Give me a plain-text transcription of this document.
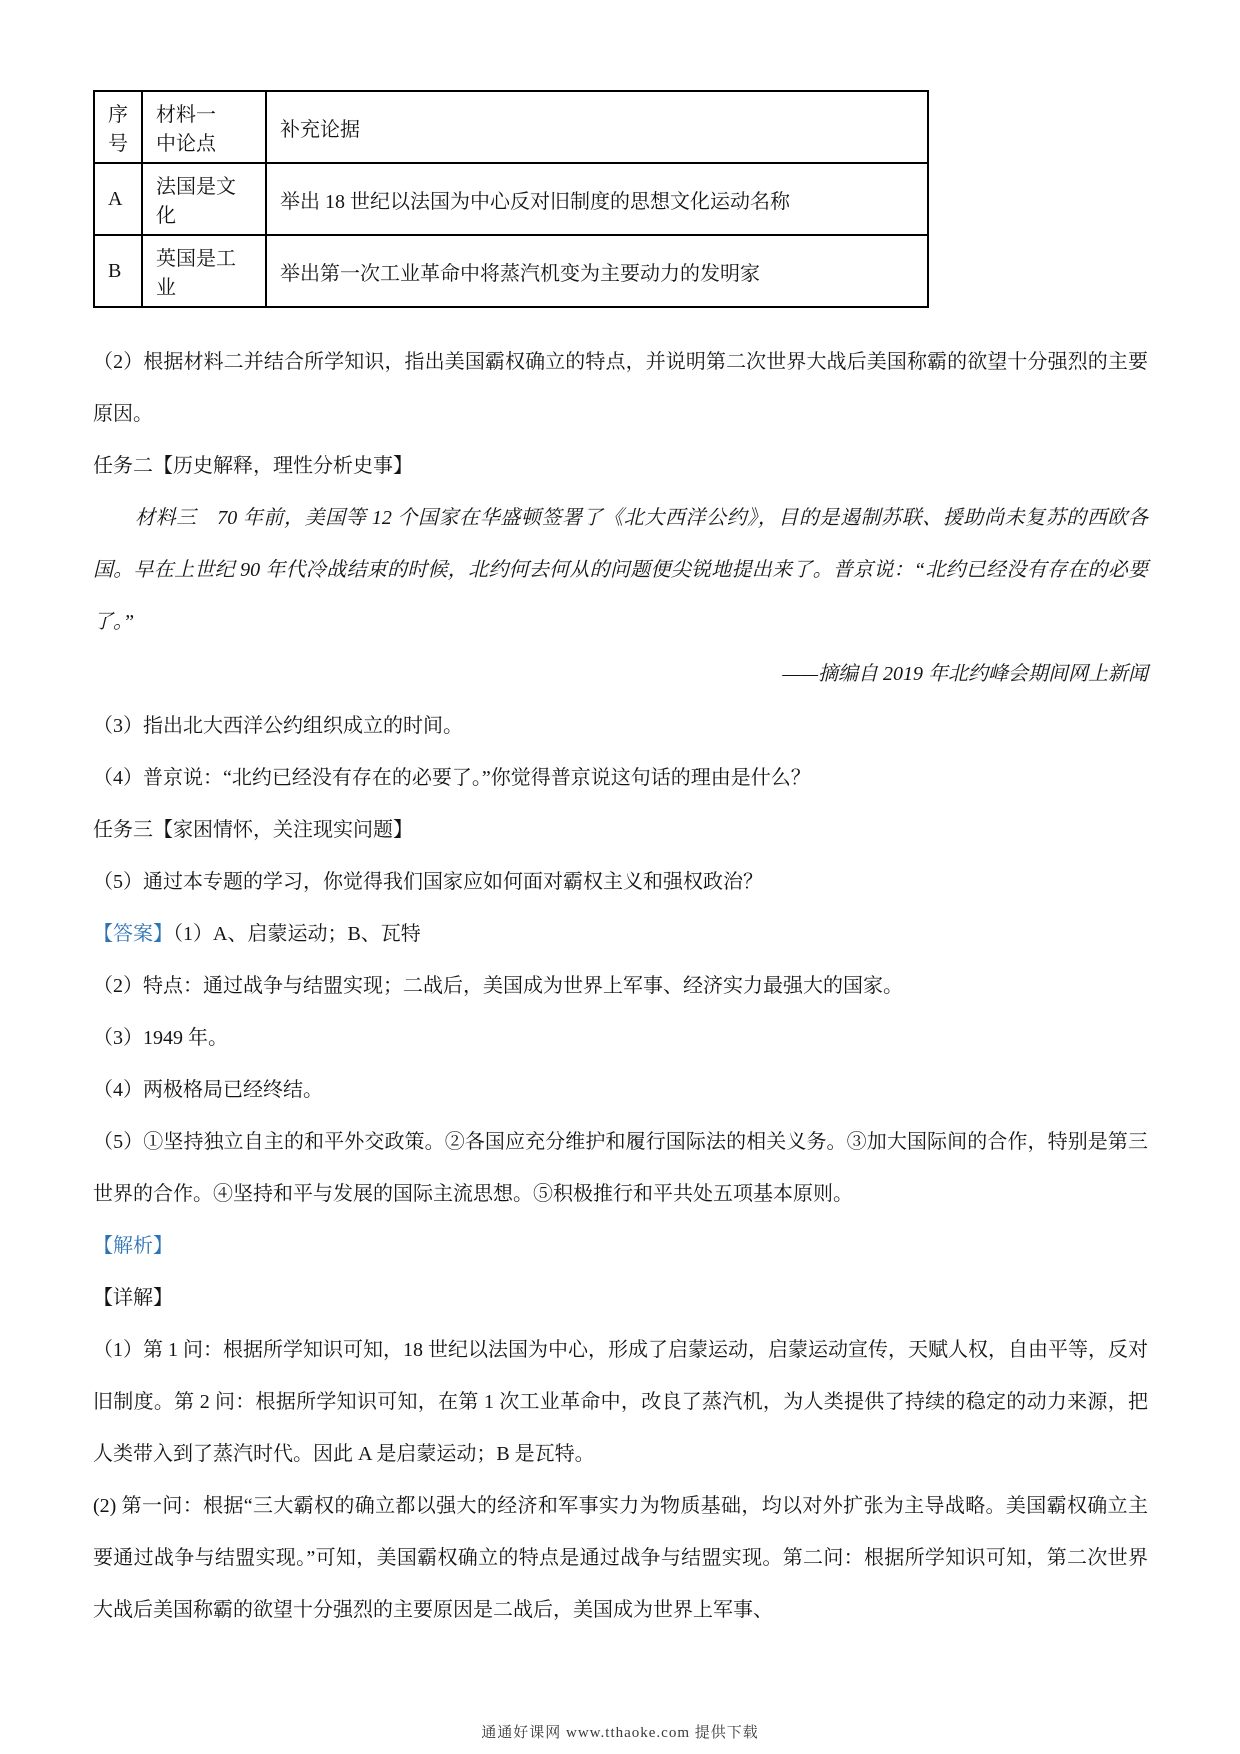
序号	材料一　中论点	补充论据
A	法国是文化	举出 18 世纪以法国为中心反对旧制度的思想文化运动名称
B	英国是工业	举出第一次工业革命中将蒸汽机变为主要动力的发明家

（2）根据材料二并结合所学知识，指出美国霸权确立的特点，并说明第二次世界大战后美国称霸的欲望十分强烈的主要原因。

任务二【历史解释，理性分析史事】

材料三　70 年前，美国等 12 个国家在华盛顿签署了《北大西洋公约》，目的是遏制苏联、援助尚未复苏的西欧各国。早在上世纪 90 年代冷战结束的时候，北约何去何从的问题便尖锐地提出来了。普京说：“北约已经没有存在的必要了。”

——摘编自 2019 年北约峰会期间网上新闻

（3）指出北大西洋公约组织成立的时间。

（4）普京说：“北约已经没有存在的必要了。”你觉得普京说这句话的理由是什么？

任务三【家困情怀，关注现实问题】

（5）通过本专题的学习，你觉得我们国家应如何面对霸权主义和强权政治？

【答案】（1）A、启蒙运动；B、瓦特

（2）特点：通过战争与结盟实现；二战后，美国成为世界上军事、经济实力最强大的国家。

（3）1949 年。

（4）两极格局已经终结。

（5）①坚持独立自主的和平外交政策。②各国应充分维护和履行国际法的相关义务。③加大国际间的合作，特别是第三世界的合作。④坚持和平与发展的国际主流思想。⑤积极推行和平共处五项基本原则。

【解析】

【详解】

（1）第 1 问：根据所学知识可知，18 世纪以法国为中心，形成了启蒙运动，启蒙运动宣传，天赋人权，自由平等，反对旧制度。第 2 问：根据所学知识可知，在第 1 次工业革命中，改良了蒸汽机，为人类提供了持续的稳定的动力来源，把人类带入到了蒸汽时代。因此 A 是启蒙运动；B 是瓦特。

(2) 第一问：根据“三大霸权的确立都以强大的经济和军事实力为物质基础，均以对外扩张为主导战略。美国霸权确立主要通过战争与结盟实现。”可知，美国霸权确立的特点是通过战争与结盟实现。第二问：根据所学知识可知，第二次世界大战后美国称霸的欲望十分强烈的主要原因是二战后，美国成为世界上军事、

通通好课网 www.tthaoke.com 提供下载
